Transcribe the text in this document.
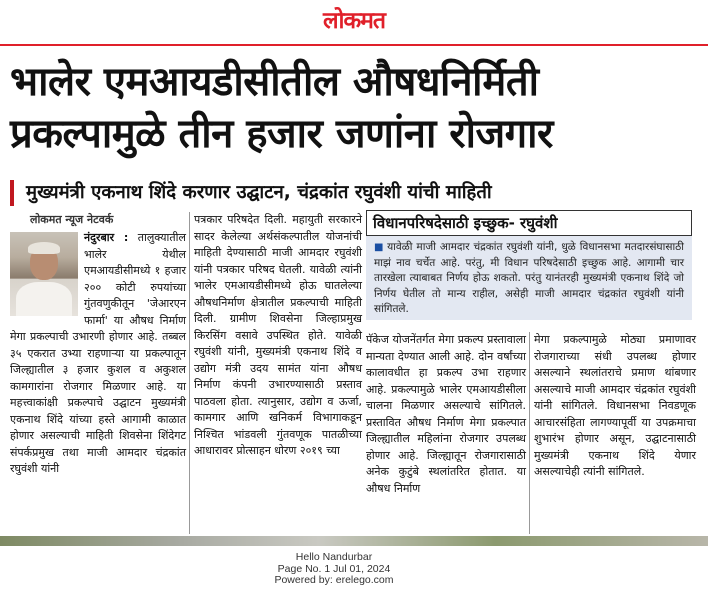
लोकमत
भालेर एमआयडीसीतील औषधनिर्मिती प्रकल्पामुळे तीन हजार जणांना रोजगार
मुख्यमंत्री एकनाथ शिंदे करणार उद्घाटन, चंद्रकांत रघुवंशी यांची माहिती
लोकमत न्यूज नेटवर्क
नंदुरबार : तालुक्यातील भालेर येथील एमआयडीसीमध्ये १ हजार २०० कोटी रुपयांच्या गुंतवणुकीतून 'जेआरएन फार्मा' या औषध निर्माण मेगा प्रकल्पाची उभारणी होणार आहे. तब्बल ३५ एकरात उभ्या राहणाऱ्या या प्रकल्पातून जिल्ह्यातील ३ हजार कुशल व अकुशल कामगारांना रोजगार मिळणार आहे. या महत्त्वाकांक्षी प्रकल्पाचे उद्घाटन मुख्यमंत्री एकनाथ शिंदे यांच्या हस्ते आगामी काळात होणार असल्याची माहिती शिवसेना शिंदेगट संपर्कप्रमुख तथा माजी आमदार चंद्रकांत रघुवंशी यांनी
पत्रकार परिषदेत दिली. महायुती सरकारने सादर केलेल्या अर्थसंकल्पातील योजनांची माहिती देण्यासाठी माजी आमदार रघुवंशी यांनी पत्रकार परिषद घेतली. यावेळी त्यांनी भालेर एमआयडीसीमध्ये होऊ घातलेल्या औषधनिर्माण क्षेत्रातील प्रकल्पाची माहिती दिली. ग्रामीण शिवसेना जिल्हाप्रमुख किरसिंग वसावे उपस्थित होते. यावेळी रघुवंशी यांनी, मुख्यमंत्री एकनाथ शिंदे व उद्योग मंत्री उदय सामंत यांना औषध निर्माण कंपनी उभारण्यासाठी प्रस्ताव पाठवला होता. त्यानुसार, उद्योग व ऊर्जा, कामगार आणि खनिकर्म विभागाकडून निश्चित भांडवली गुंतवणूक पातळीच्या आधारावर प्रोत्साहन धोरण २०१९ च्या
विधानपरिषदेसाठी इच्छुक- रघुवंशी
■ यावेळी माजी आमदार चंद्रकांत रघुवंशी यांनी, धुळे विधानसभा मतदारसंघासाठी माझं नाव चर्चेत आहे. परंतु, मी विधान परिषदेसाठी इच्छुक आहे. आगामी चार तारखेला त्याबाबत निर्णय होऊ शकतो. परंतु यानंतरही मुख्यमंत्री एकनाथ शिंदे जो निर्णय घेतील तो मान्य राहील, असेही माजी आमदार चंद्रकांत रघुवंशी यांनी सांगितले.
पॅकेज योजनेंतर्गत मेगा प्रकल्प प्रस्तावाला मान्यता देण्यात आली आहे. दोन वर्षांच्या कालावधीत हा प्रकल्प उभा राहणार आहे. प्रकल्पामुळे भालेर एमआयडीसीला चालना मिळणार असल्याचे सांगितले. प्रस्तावित औषध निर्माण मेगा प्रकल्पात जिल्ह्यातील महिलांना रोजगार उपलब्ध होणार आहे. जिल्ह्यातून रोजगारासाठी अनेक कुटुंबे स्थलांतरित होतात. या औषध निर्माण
मेगा प्रकल्पामुळे मोठ्या प्रमाणावर रोजगाराच्या संधी उपलब्ध होणार असल्याने स्थलांतराचे प्रमाण थांबणार असल्याचे माजी आमदार चंद्रकांत रघुवंशी यांनी सांगितले. विधानसभा निवडणूक आचारसंहिता लागण्यापूर्वी या उपक्रमाचा शुभारंभ होणार असून, उद्घाटनासाठी मुख्यमंत्री एकनाथ शिंदे येणार असल्याचेही त्यांनी सांगितले.
Hello Nandurbar
Page No. 1 Jul 01, 2024
Powered by: erelego.com
